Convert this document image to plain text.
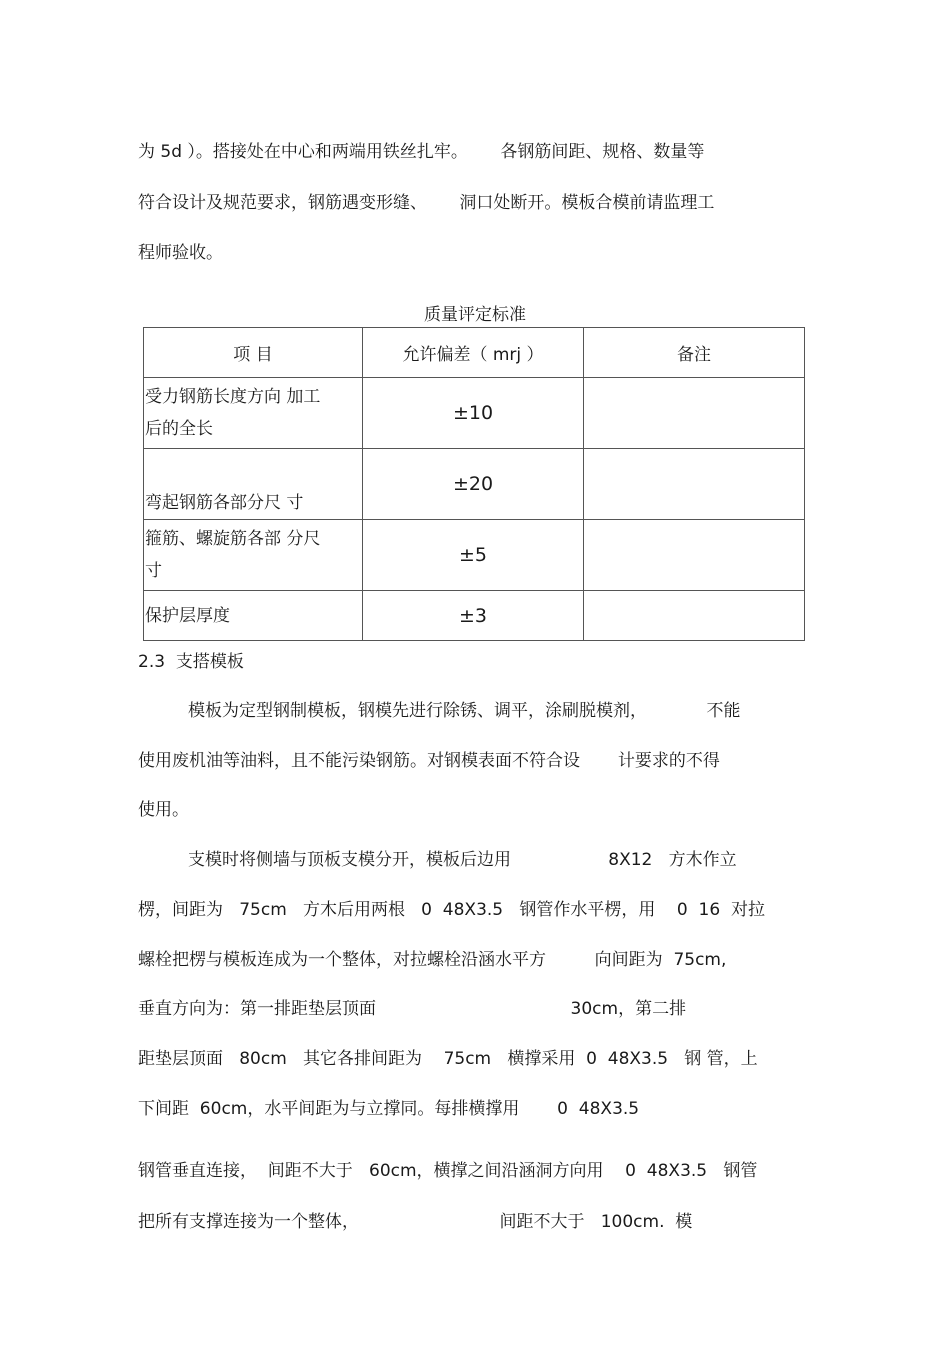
为 5d ）。搭接处在中心和两端用铁丝扎牢。      各钢筋间距、规格、数量等
符合设计及规范要求，钢筋遇变形缝、      洞口处断开。模板合模前请监理工
程师验收。
质量评定标准
项 目	允许偏差（ mrj ）	备注

受力钢筋长度方向 加工
后的全长	±10	

弯起钢筋各部分尺 寸	±20	

箍筋、螺旋筋各部 分尺
寸	±5	

保护层厚度	±3	
2.3  支搭模板
模板为定型钢制模板，钢模先进行除锈、调平，涂刷脱模剂，           不能
使用废机油等油料，且不能污染钢筋。对钢模表面不符合设       计要求的不得
使用。
支模时将侧墙与顶板支模分开，模板后边用                  8X12   方木作立
楞，间距为   75cm   方木后用两根   0  48X3.5   钢管作水平楞，用    0  16  对拉
螺栓把楞与模板连成为一个整体，对拉螺栓沿涵水平方         向间距为  75cm,
垂直方向为：第一排距垫层顶面                                    30cm，第二排
距垫层顶面   80cm   其它各排间距为    75cm   横撑采用  0  48X3.5   钢 管，上
下间距  60cm，水平间距为与立撑同。每排横撑用       0  48X3.5
钢管垂直连接，  间距不大于   60cm，横撑之间沿涵洞方向用    0  48X3.5   钢管
把所有支撑连接为一个整体，                          间距不大于   100cm.  模
